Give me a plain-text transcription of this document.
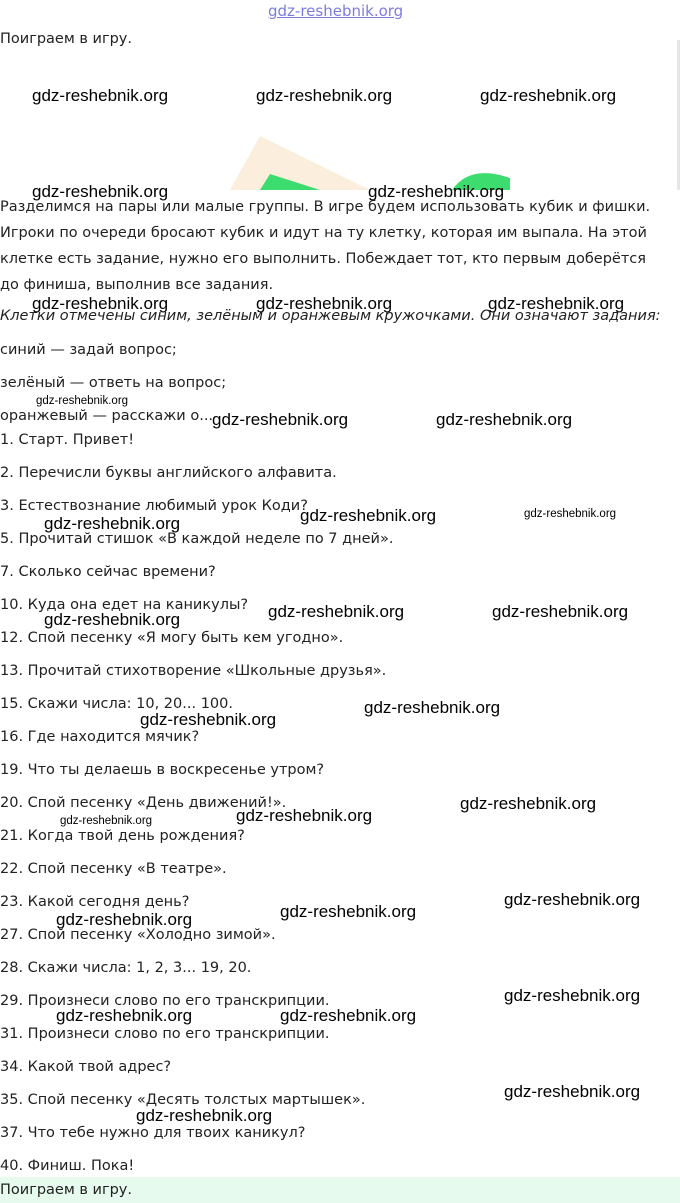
gdz-reshebnik.org
Поиграем в игру.
Разделимся на пары или малые группы. В игре будем использовать кубик и фишки. Игроки по очереди бросают кубик и идут на ту клетку, которая им выпала. На этой клетке есть задание, нужно его выполнить. Побеждает тот, кто первым доберётся до финиша, выполнив все задания.
Клетки отмечены синим, зелёным и оранжевым кружочками. Они означают задания:
синий — задай вопрос;
зелёный — ответь на вопрос;
оранжевый — расскажи о...
1. Старт. Привет!
2. Перечисли буквы английского алфавита.
3. Естествознание любимый урок Коди?
5. Прочитай стишок «В каждой неделе по 7 дней».
7. Сколько сейчас времени?
10. Куда она едет на каникулы?
12. Спой песенку «Я могу быть кем угодно».
13. Прочитай стихотворение «Школьные друзья».
15. Скажи числа: 10, 20... 100.
16. Где находится мячик?
19. Что ты делаешь в воскресенье утром?
20. Спой песенку «День движений!».
21. Когда твой день рождения?
22. Спой песенку «В театре».
23. Какой сегодня день?
27. Спой песенку «Холодно зимой».
28. Скажи числа: 1, 2, 3... 19, 20.
29. Произнеси слово по его транскрипции.
31. Произнеси слово по его транскрипции.
34. Какой твой адрес?
35. Спой песенку «Десять толстых мартышек».
37. Что тебе нужно для твоих каникул?
40. Финиш. Пока!
gdz-reshebnik.org	gdz-reshebnik.org	gdz-reshebnik.org
gdz-reshebnik.org	gdz-reshebnik.org
gdz-reshebnik.org	gdz-reshebnik.org	gdz-reshebnik.org
gdz-reshebnik.org
gdz-reshebnik.org	gdz-reshebnik.org
gdz-reshebnik.org	gdz-reshebnik.org
gdz-reshebnik.org
gdz-reshebnik.org	gdz-reshebnik.org
gdz-reshebnik.org
gdz-reshebnik.org
gdz-reshebnik.org
gdz-reshebnik.org
gdz-reshebnik.org
gdz-reshebnik.org
gdz-reshebnik.org
gdz-reshebnik.org
gdz-reshebnik.org
gdz-reshebnik.org
gdz-reshebnik.org	gdz-reshebnik.org
gdz-reshebnik.org
gdz-reshebnik.org
Поиграем в игру.
